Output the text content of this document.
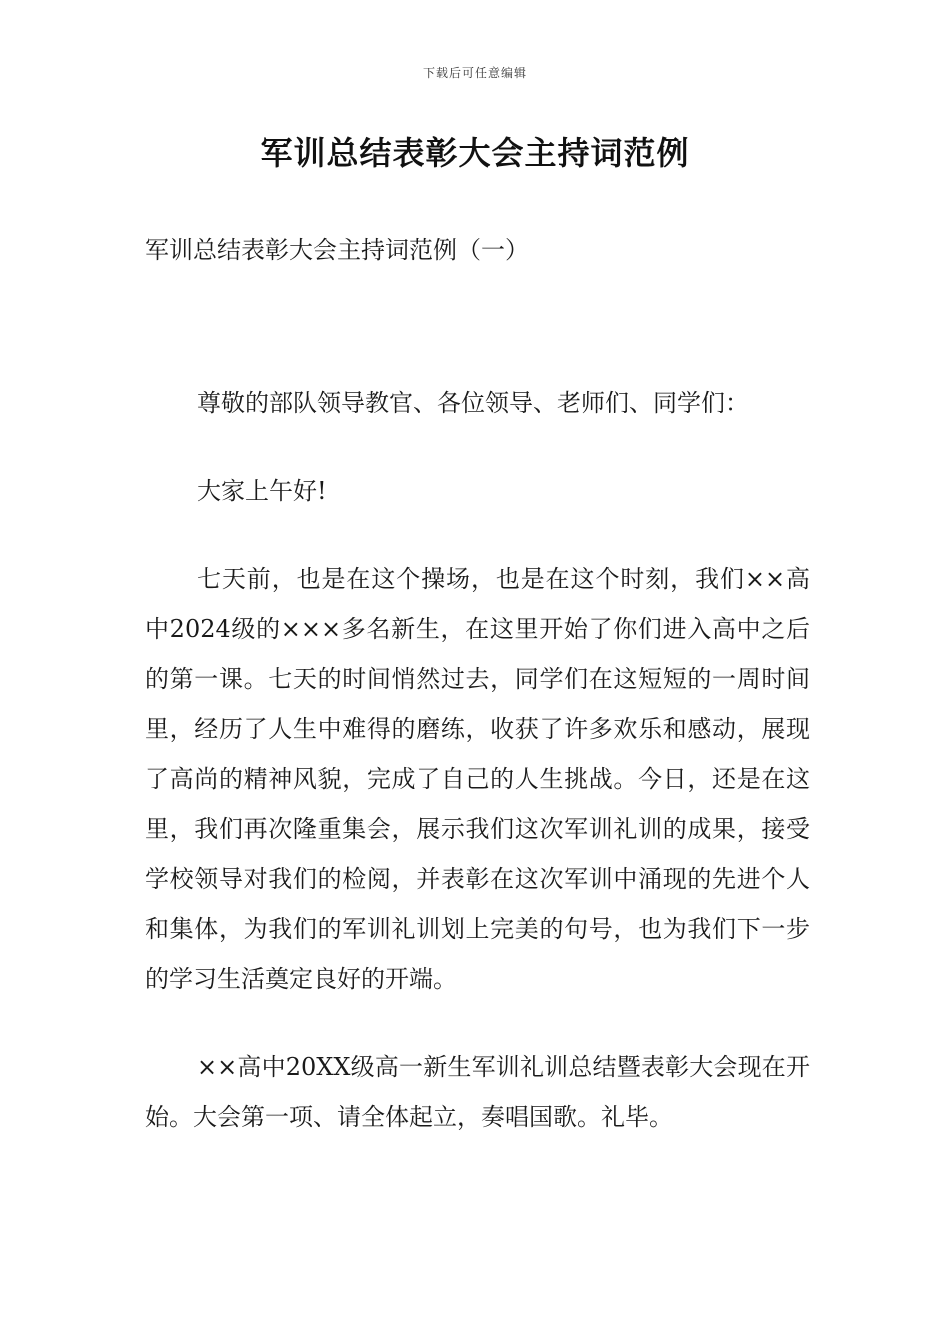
下载后可任意编辑
军训总结表彰大会主持词范例
军训总结表彰大会主持词范例（一）

尊敬的部队领导教官、各位领导、老师们、同学们：

大家上午好!

七天前，也是在这个操场，也是在这个时刻，我们××高中2024级的×××多名新生，在这里开始了你们进入高中之后的第一课。七天的时间悄然过去，同学们在这短短的一周时间里，经历了人生中难得的磨练，收获了许多欢乐和感动，展现了高尚的精神风貌，完成了自己的人生挑战。今日，还是在这里，我们再次隆重集会，展示我们这次军训礼训的成果，接受学校领导对我们的检阅，并表彰在这次军训中涌现的先进个人和集体，为我们的军训礼训划上完美的句号，也为我们下一步的学习生活奠定良好的开端。

××高中20XX级高一新生军训礼训总结暨表彰大会现在开始。大会第一项、请全体起立，奏唱国歌。礼毕。
